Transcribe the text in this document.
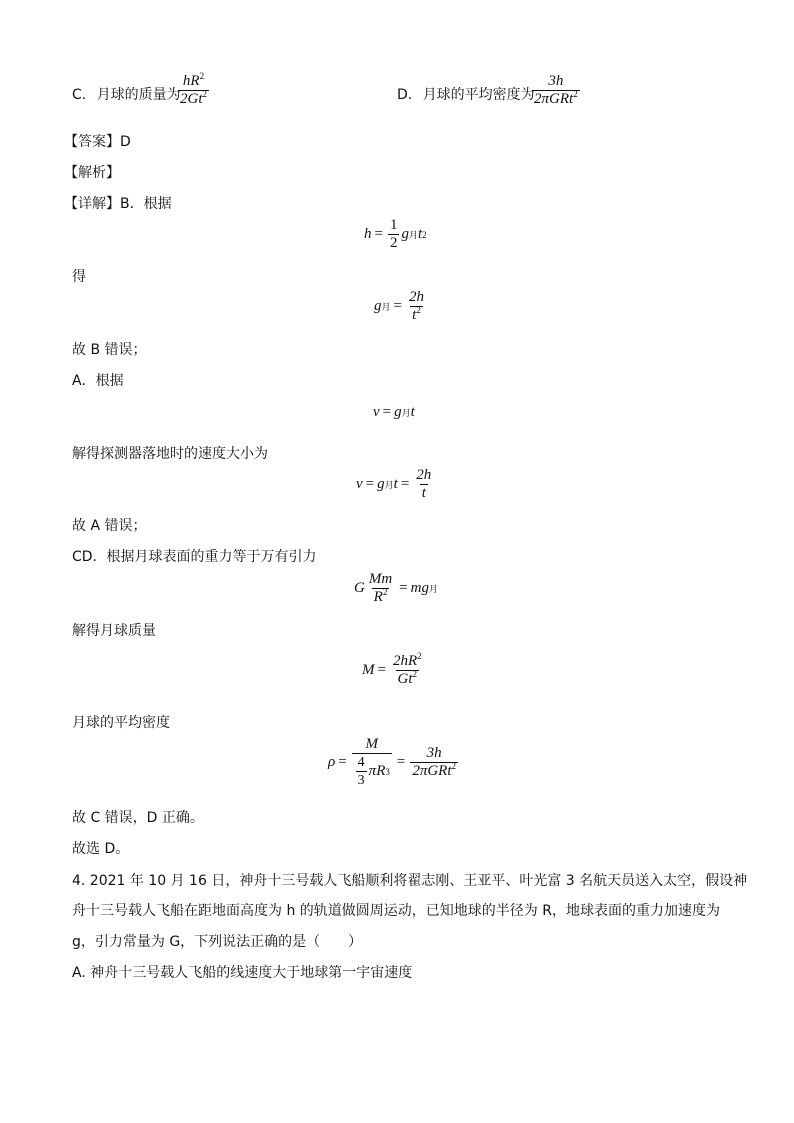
C. 月球的质量为
$\frac{hR^2}{2Gt^2}$	D. 月球的平均密度为
$\frac{3h}{2\pi GRt^2}$
【答案】D
【解析】
【详解】B．根据
$h = \frac{1}{2}$ g 月 t 2
得
g 月 = $\frac{2h}{t^2}$
故 B 错误；
A．根据
v = g 月 t
解得探测器落地时的速度大小为
v = g 月 $t = \frac{2h}{t}$
故 A 错误；
CD．根据月球表面的重力等于万有引力
G $\frac{Mm}{R^2}$ = mg 月
解得月球质量
$M = \frac{2hR^2}{Gt^2}$
月球的平均密度
$\rho = \frac{M}{\frac{4}{3} \pi R 3} = \frac{3h}{2\pi GRt^2}$
故 C 错误，D 正确。
故选 D。
4. 2021 年 10 月 16 日，神舟十三号载人飞船顺利将翟志刚、王亚平、叶光富 3 名航天员送入太空，假设神
舟十三号载人飞船在距地面高度为 h 的轨道做圆周运动，已知地球的半径为 R，地球表面的重力加速度为
g，引力常量为 G，下列说法正确的是（　　）
A. 神舟十三号载人飞船的线速度大于地球第一宇宙速度
